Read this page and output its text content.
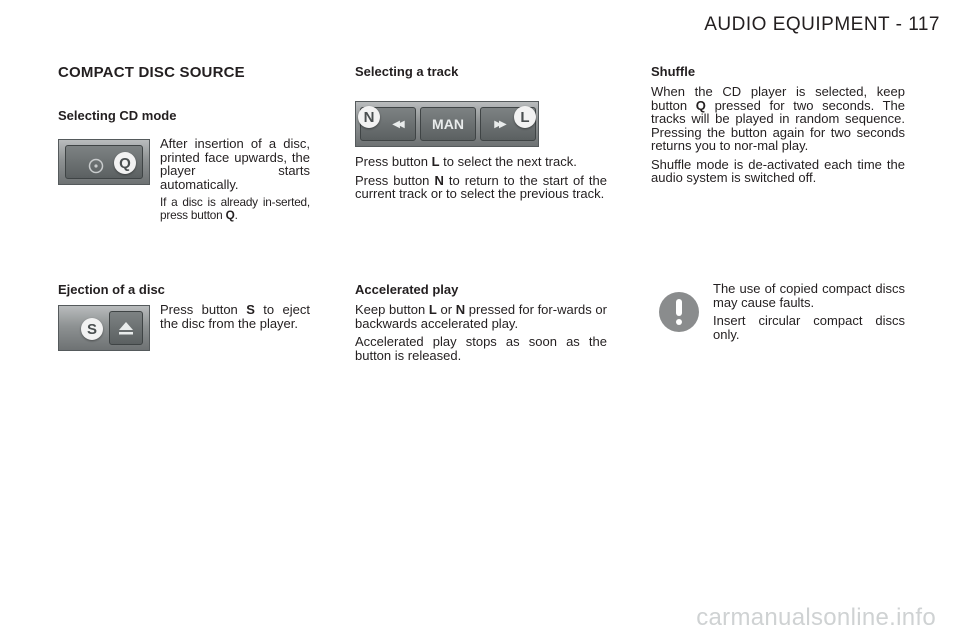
AUDIO EQUIPMENT - 117
COMPACT DISC SOURCE
Selecting CD mode
Q

After insertion of a disc, printed face upwards, the player starts automatically.

If a disc is already in-serted, press button Q.

Ejection of a disc
S

Press button S to eject the disc from the player.

Selecting a track
◀◀
N	MAN	▶▶	L

Press button L to select the next track.

Press button N to return to the start of the current track or to select the previous track.

Accelerated play

Keep button L or N pressed for for-wards or backwards accelerated play.

Accelerated play stops as soon as the button is released.

Shuffle

When the CD player is selected, keep button Q pressed for two seconds. The tracks will be played in random sequence. Pressing the button again for two seconds returns you to nor-mal play.

Shuffle mode is de-activated each time the audio system is switched off.

The use of copied compact discs may cause faults.

Insert circular compact discs only.

carmanualsonline.info
